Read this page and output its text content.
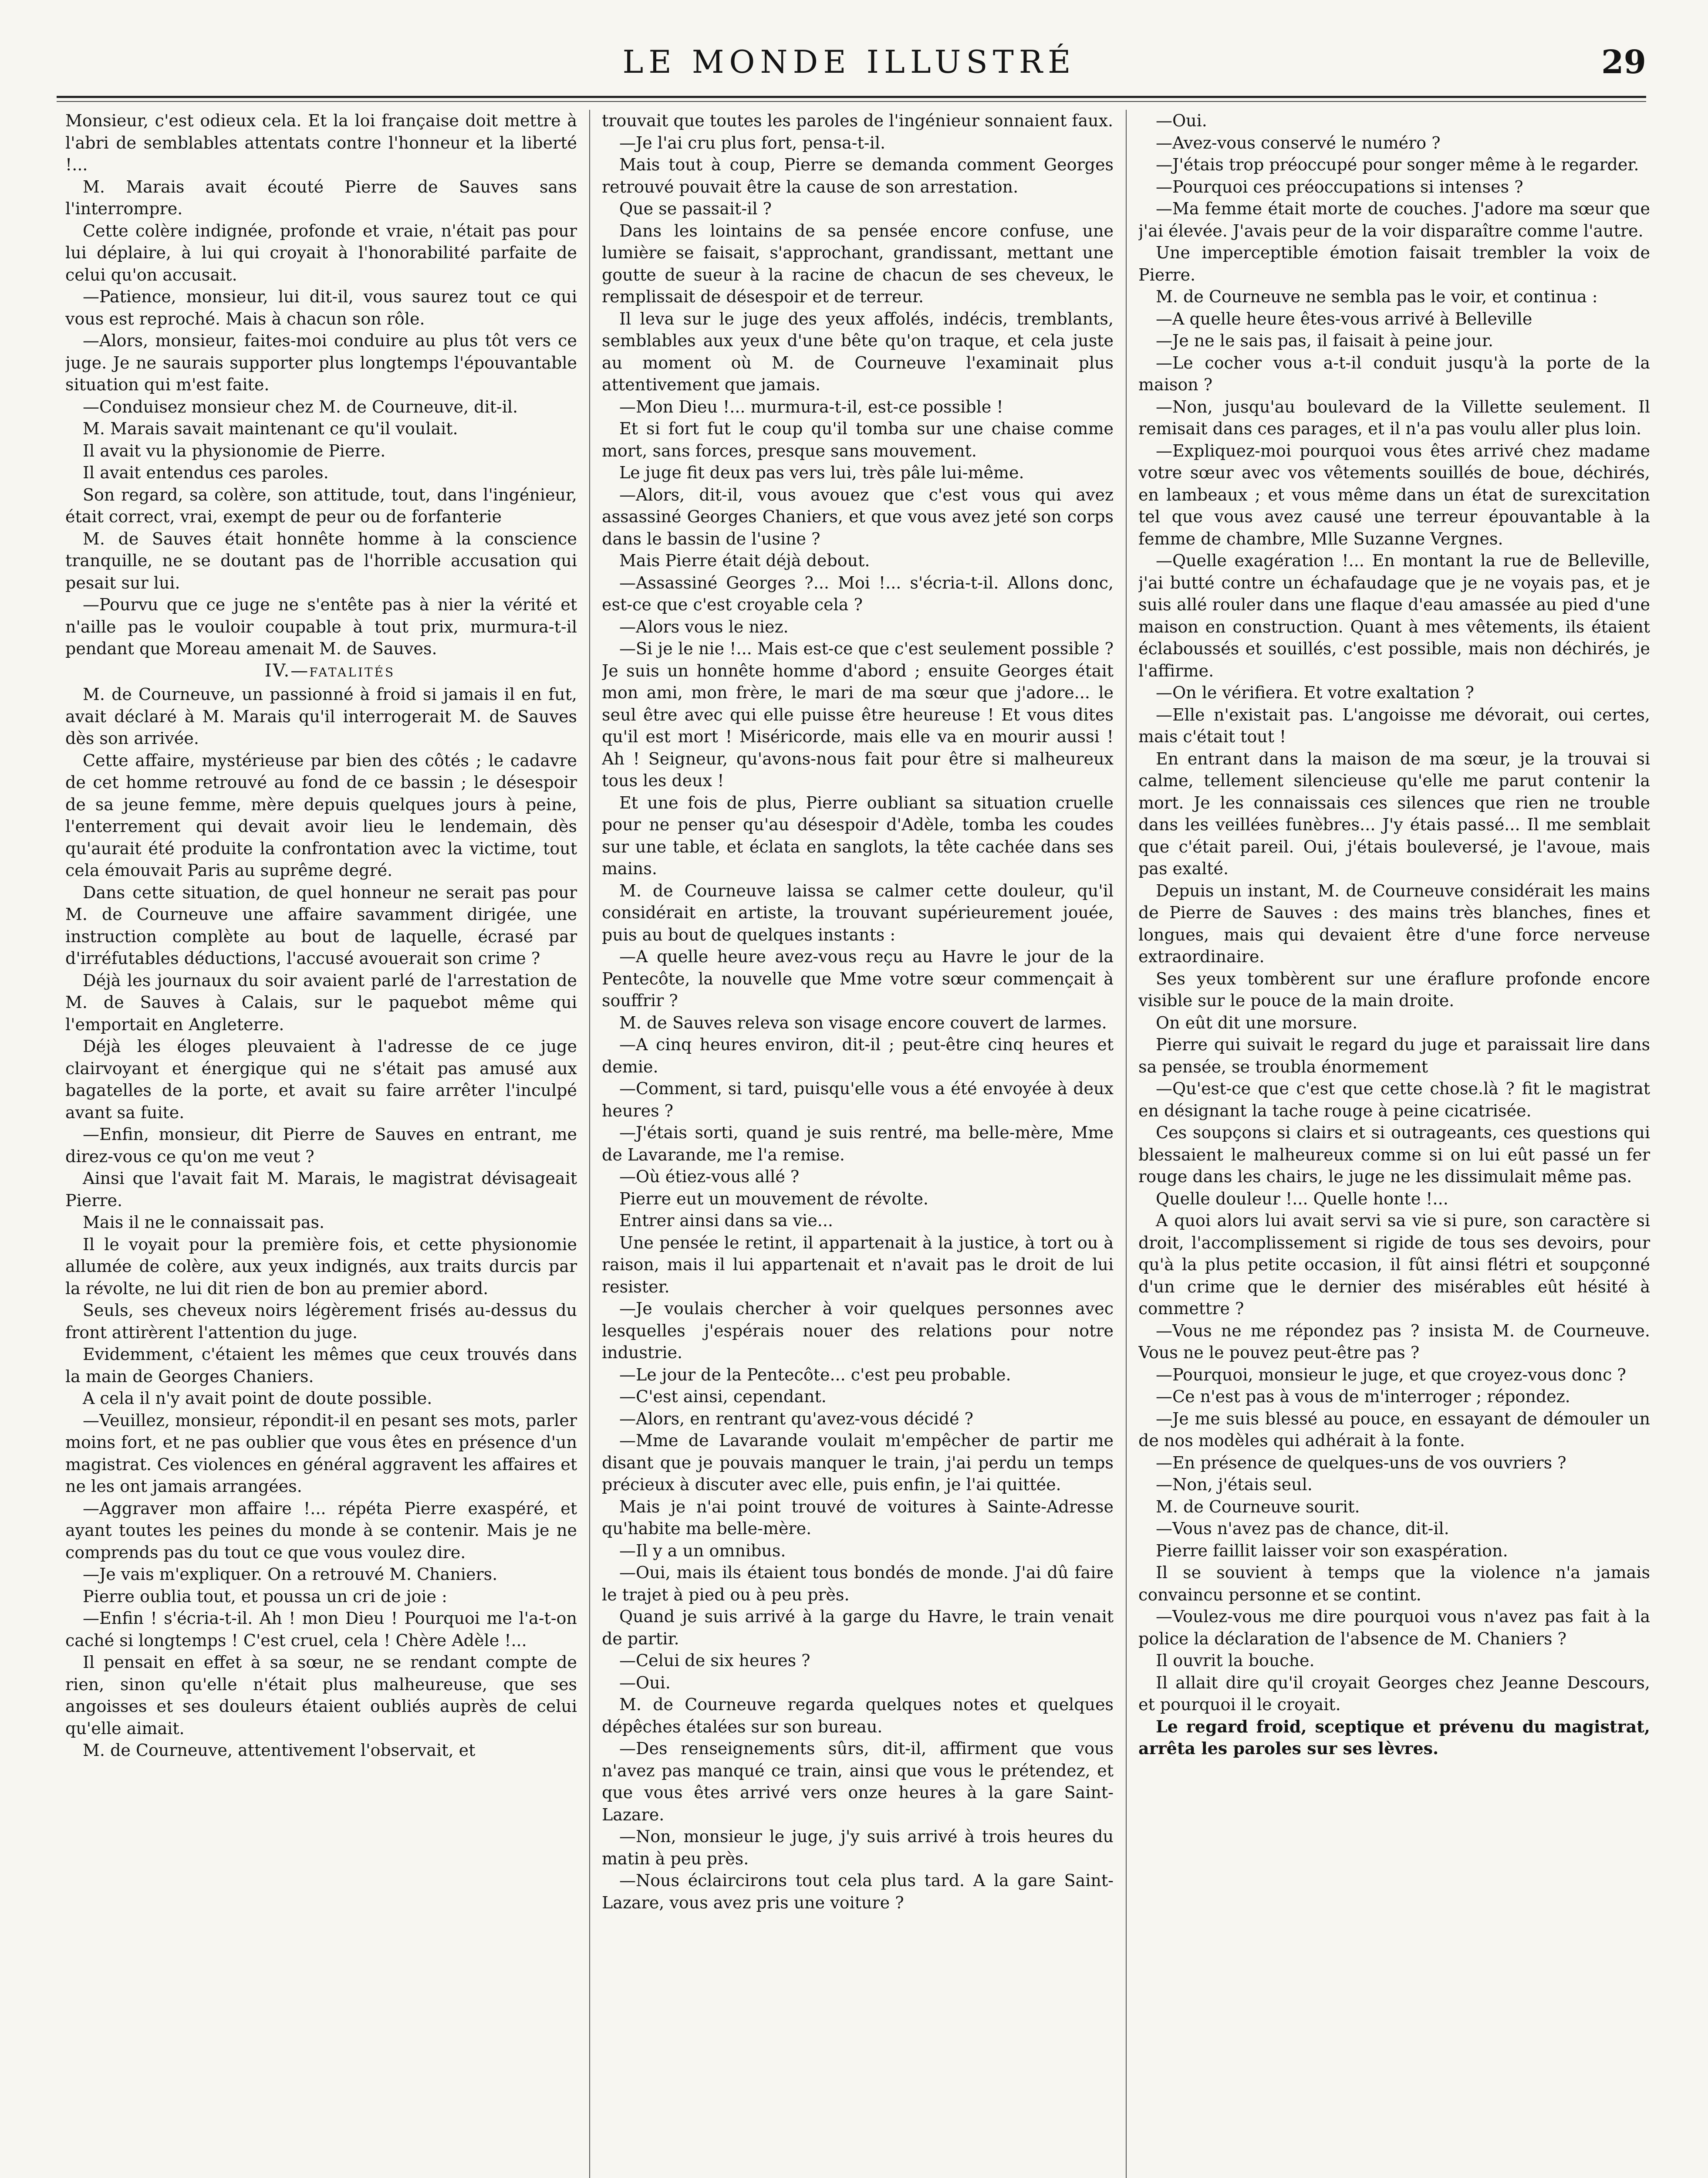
LE MONDE ILLUSTRÉ	29

Monsieur, c'est odieux cela. Et la loi française doit mettre à l'abri de semblables attentats contre l'honneur et la liberté !...

M. Marais avait écouté Pierre de Sauves sans l'interrompre.

Cette colère indignée, profonde et vraie, n'était pas pour lui déplaire, à lui qui croyait à l'honorabilité parfaite de celui qu'on accusait.

—Patience, monsieur, lui dit-il, vous saurez tout ce qui vous est reproché. Mais à chacun son rôle.

—Alors, monsieur, faites-moi conduire au plus tôt vers ce juge. Je ne saurais supporter plus longtemps l'épouvantable situation qui m'est faite.

—Conduisez monsieur chez M. de Courneuve, dit-il.

M. Marais savait maintenant ce qu'il voulait.

Il avait vu la physionomie de Pierre.

Il avait entendus ces paroles.

Son regard, sa colère, son attitude, tout, dans l'ingénieur, était correct, vrai, exempt de peur ou de forfanterie

M. de Sauves était honnête homme à la conscience tranquille, ne se doutant pas de l'horrible accusation qui pesait sur lui.

—Pourvu que ce juge ne s'entête pas à nier la vérité et n'aille pas le vouloir coupable à tout prix, murmura-t-il pendant que Moreau amenait M. de Sauves.

IV.—FATALITÉS

M. de Courneuve, un passionné à froid si jamais il en fut, avait déclaré à M. Marais qu'il interrogerait M. de Sauves dès son arrivée.

Cette affaire, mystérieuse par bien des côtés ; le cadavre de cet homme retrouvé au fond de ce bassin ; le désespoir de sa jeune femme, mère depuis quelques jours à peine, l'enterrement qui devait avoir lieu le lendemain, dès qu'aurait été produite la confrontation avec la victime, tout cela émouvait Paris au suprême degré.

Dans cette situation, de quel honneur ne serait pas pour M. de Courneuve une affaire savamment dirigée, une instruction complète au bout de laquelle, écrasé par d'irréfutables déductions, l'accusé avouerait son crime ?

Déjà les journaux du soir avaient parlé de l'arrestation de M. de Sauves à Calais, sur le paquebot même qui l'emportait en Angleterre.

Déjà les éloges pleuvaient à l'adresse de ce juge clairvoyant et énergique qui ne s'était pas amusé aux bagatelles de la porte, et avait su faire arrêter l'inculpé avant sa fuite.

—Enfin, monsieur, dit Pierre de Sauves en entrant, me direz-vous ce qu'on me veut ?

Ainsi que l'avait fait M. Marais, le magistrat dévisageait Pierre.

Mais il ne le connaissait pas.

Il le voyait pour la première fois, et cette physionomie allumée de colère, aux yeux indignés, aux traits durcis par la révolte, ne lui dit rien de bon au premier abord.

Seuls, ses cheveux noirs légèrement frisés au-dessus du front attirèrent l'attention du juge.

Evidemment, c'étaient les mêmes que ceux trouvés dans la main de Georges Chaniers.

A cela il n'y avait point de doute possible.

—Veuillez, monsieur, répondit-il en pesant ses mots, parler moins fort, et ne pas oublier que vous êtes en présence d'un magistrat. Ces violences en général aggravent les affaires et ne les ont jamais arrangées.

—Aggraver mon affaire !... répéta Pierre exaspéré, et ayant toutes les peines du monde à se contenir. Mais je ne comprends pas du tout ce que vous voulez dire.

—Je vais m'expliquer. On a retrouvé M. Chaniers.

Pierre oublia tout, et poussa un cri de joie :

—Enfin ! s'écria-t-il. Ah ! mon Dieu ! Pourquoi me l'a-t-on caché si longtemps ! C'est cruel, cela ! Chère Adèle !...

Il pensait en effet à sa sœur, ne se rendant compte de rien, sinon qu'elle n'était plus malheureuse, que ses angoisses et ses douleurs étaient oubliés auprès de celui qu'elle aimait.

M. de Courneuve, attentivement l'observait, et

trouvait que toutes les paroles de l'ingénieur sonnaient faux.

—Je l'ai cru plus fort, pensa-t-il.

Mais tout à coup, Pierre se demanda comment Georges retrouvé pouvait être la cause de son arrestation.

Que se passait-il ?

Dans les lointains de sa pensée encore confuse, une lumière se faisait, s'approchant, grandissant, mettant une goutte de sueur à la racine de chacun de ses cheveux, le remplissait de désespoir et de terreur.

Il leva sur le juge des yeux affolés, indécis, tremblants, semblables aux yeux d'une bête qu'on traque, et cela juste au moment où M. de Courneuve l'examinait plus attentivement que jamais.

—Mon Dieu !... murmura-t-il, est-ce possible !

Et si fort fut le coup qu'il tomba sur une chaise comme mort, sans forces, presque sans mouvement.

Le juge fit deux pas vers lui, très pâle lui-même.

—Alors, dit-il, vous avouez que c'est vous qui avez assassiné Georges Chaniers, et que vous avez jeté son corps dans le bassin de l'usine ?

Mais Pierre était déjà debout.

—Assassiné Georges ?... Moi !... s'écria-t-il. Allons donc, est-ce que c'est croyable cela ?

—Alors vous le niez.

—Si je le nie !... Mais est-ce que c'est seulement possible ? Je suis un honnête homme d'abord ; ensuite Georges était mon ami, mon frère, le mari de ma sœur que j'adore... le seul être avec qui elle puisse être heureuse ! Et vous dites qu'il est mort ! Miséricorde, mais elle va en mourir aussi ! Ah ! Seigneur, qu'avons-nous fait pour être si malheureux tous les deux !

Et une fois de plus, Pierre oubliant sa situation cruelle pour ne penser qu'au désespoir d'Adèle, tomba les coudes sur une table, et éclata en sanglots, la tête cachée dans ses mains.

M. de Courneuve laissa se calmer cette douleur, qu'il considérait en artiste, la trouvant supérieurement jouée, puis au bout de quelques instants :

—A quelle heure avez-vous reçu au Havre le jour de la Pentecôte, la nouvelle que Mme votre sœur commençait à souffrir ?

M. de Sauves releva son visage encore couvert de larmes.

—A cinq heures environ, dit-il ; peut-être cinq heures et demie.

—Comment, si tard, puisqu'elle vous a été envoyée à deux heures ?

—J'étais sorti, quand je suis rentré, ma belle-mère, Mme de Lavarande, me l'a remise.

—Où étiez-vous allé ?

Pierre eut un mouvement de révolte.

Entrer ainsi dans sa vie...

Une pensée le retint, il appartenait à la justice, à tort ou à raison, mais il lui appartenait et n'avait pas le droit de lui resister.

—Je voulais chercher à voir quelques personnes avec lesquelles j'espérais nouer des relations pour notre industrie.

—Le jour de la Pentecôte... c'est peu probable.

—C'est ainsi, cependant.

—Alors, en rentrant qu'avez-vous décidé ?

—Mme de Lavarande voulait m'empêcher de partir me disant que je pouvais manquer le train, j'ai perdu un temps précieux à discuter avec elle, puis enfin, je l'ai quittée.

Mais je n'ai point trouvé de voitures à Sainte-Adresse qu'habite ma belle-mère.

—Il y a un omnibus.

—Oui, mais ils étaient tous bondés de monde. J'ai dû faire le trajet à pied ou à peu près.

Quand je suis arrivé à la garge du Havre, le train venait de partir.

—Celui de six heures ?

—Oui.

M. de Courneuve regarda quelques notes et quelques dépêches étalées sur son bureau.

—Des renseignements sûrs, dit-il, affirment que vous n'avez pas manqué ce train, ainsi que vous le prétendez, et que vous êtes arrivé vers onze heures à la gare Saint-Lazare.

—Non, monsieur le juge, j'y suis arrivé à trois heures du matin à peu près.

—Nous éclaircirons tout cela plus tard. A la gare Saint-Lazare, vous avez pris une voiture ?

—Oui.

—Avez-vous conservé le numéro ?

—J'étais trop préoccupé pour songer même à le regarder.

—Pourquoi ces préoccupations si intenses ?

—Ma femme était morte de couches. J'adore ma sœur que j'ai élevée. J'avais peur de la voir disparaître comme l'autre.

Une imperceptible émotion faisait trembler la voix de Pierre.

M. de Courneuve ne sembla pas le voir, et continua :

—A quelle heure êtes-vous arrivé à Belleville

—Je ne le sais pas, il faisait à peine jour.

—Le cocher vous a-t-il conduit jusqu'à la porte de la maison ?

—Non, jusqu'au boulevard de la Villette seulement. Il remisait dans ces parages, et il n'a pas voulu aller plus loin.

—Expliquez-moi pourquoi vous êtes arrivé chez madame votre sœur avec vos vêtements souillés de boue, déchirés, en lambeaux ; et vous même dans un état de surexcitation tel que vous avez causé une terreur épouvantable à la femme de chambre, Mlle Suzanne Vergnes.

—Quelle exagération !... En montant la rue de Belleville, j'ai butté contre un échafaudage que je ne voyais pas, et je suis allé rouler dans une flaque d'eau amassée au pied d'une maison en construction. Quant à mes vêtements, ils étaient éclaboussés et souillés, c'est possible, mais non déchirés, je l'affirme.

—On le vérifiera. Et votre exaltation ?

—Elle n'existait pas. L'angoisse me dévorait, oui certes, mais c'était tout !

En entrant dans la maison de ma sœur, je la trouvai si calme, tellement silencieuse qu'elle me parut contenir la mort. Je les connaissais ces silences que rien ne trouble dans les veillées funèbres... J'y étais passé... Il me semblait que c'était pareil. Oui, j'étais bouleversé, je l'avoue, mais pas exalté.

Depuis un instant, M. de Courneuve considérait les mains de Pierre de Sauves : des mains très blanches, fines et longues, mais qui devaient être d'une force nerveuse extraordinaire.

Ses yeux tombèrent sur une éraflure profonde encore visible sur le pouce de la main droite.

On eût dit une morsure.

Pierre qui suivait le regard du juge et paraissait lire dans sa pensée, se troubla énormement

—Qu'est-ce que c'est que cette chose.là ? fit le magistrat en désignant la tache rouge à peine cicatrisée.

Ces soupçons si clairs et si outrageants, ces questions qui blessaient le malheureux comme si on lui eût passé un fer rouge dans les chairs, le juge ne les dissimulait même pas.

Quelle douleur !... Quelle honte !...

A quoi alors lui avait servi sa vie si pure, son caractère si droit, l'accomplissement si rigide de tous ses devoirs, pour qu'à la plus petite occasion, il fût ainsi flétri et soupçonné d'un crime que le dernier des misérables eût hésité à commettre ?

—Vous ne me répondez pas ? insista M. de Courneuve. Vous ne le pouvez peut-être pas ?

—Pourquoi, monsieur le juge, et que croyez-vous donc ?

—Ce n'est pas à vous de m'interroger ; répondez.

—Je me suis blessé au pouce, en essayant de démouler un de nos modèles qui adhérait à la fonte.

—En présence de quelques-uns de vos ouvriers ?

—Non, j'étais seul.

M. de Courneuve sourit.

—Vous n'avez pas de chance, dit-il.

Pierre faillit laisser voir son exaspération.

Il se souvient à temps que la violence n'a jamais convaincu personne et se contint.

—Voulez-vous me dire pourquoi vous n'avez pas fait à la police la déclaration de l'absence de M. Chaniers ?

Il ouvrit la bouche.

Il allait dire qu'il croyait Georges chez Jeanne Descours, et pourquoi il le croyait.

Le regard froid, sceptique et prévenu du magistrat, arrêta les paroles sur ses lèvres.
